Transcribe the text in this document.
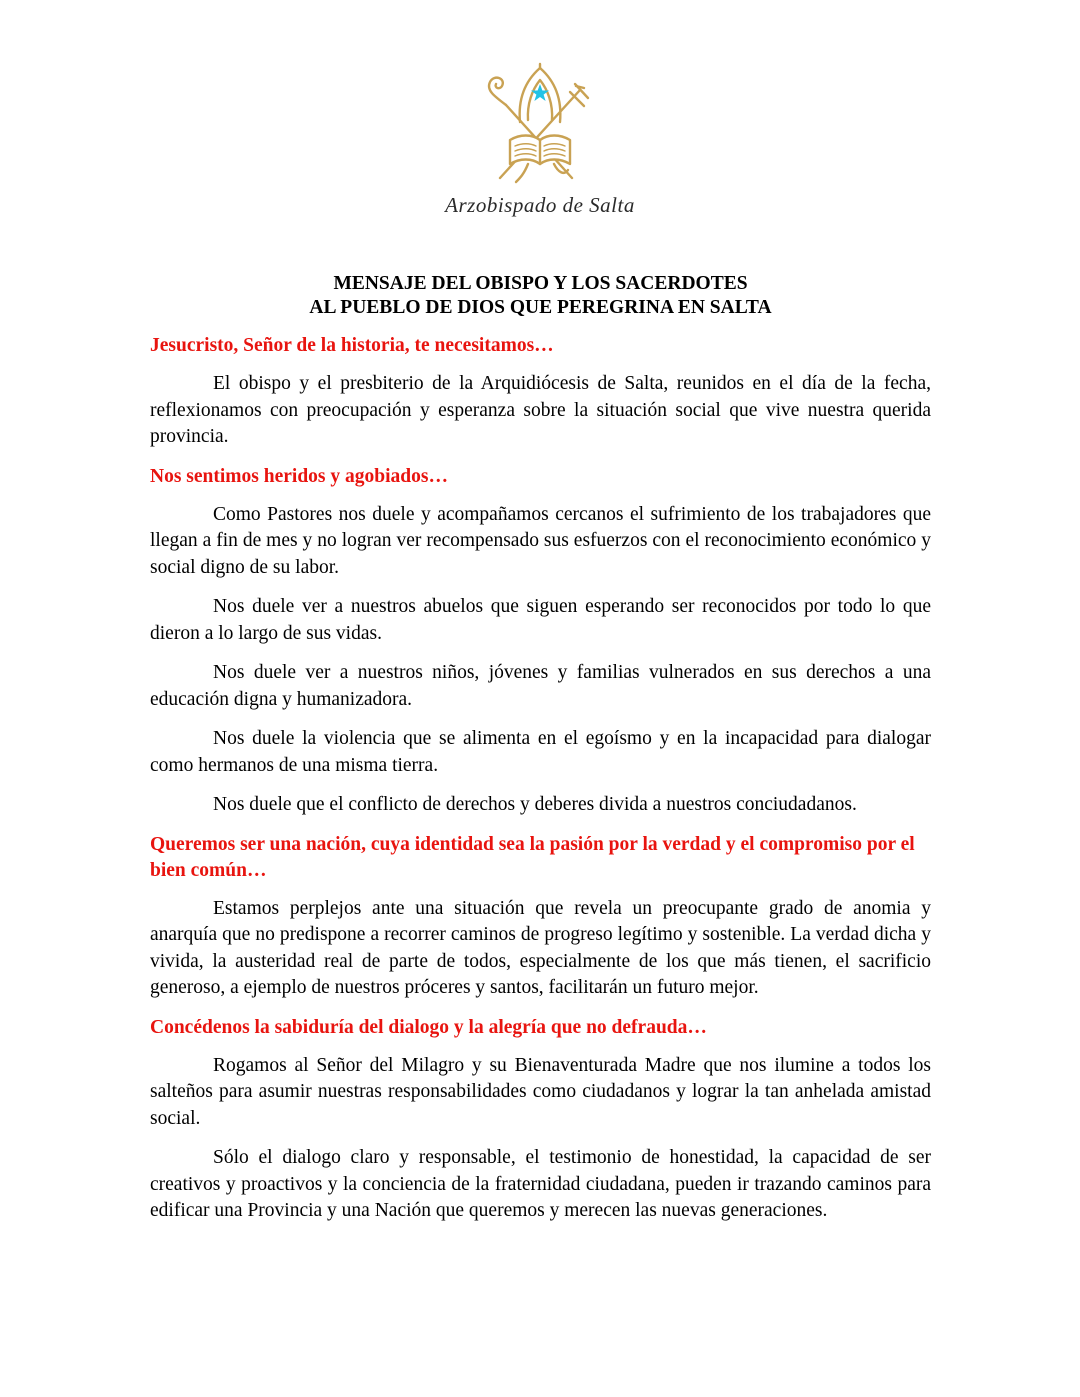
Arzobispado de Salta
MENSAJE DEL OBISPO Y LOS SACERDOTES
AL PUEBLO DE DIOS QUE PEREGRINA EN SALTA
Jesucristo, Señor de la historia, te necesitamos…

El obispo y el presbiterio de la Arquidiócesis de Salta, reunidos en el día de la fecha, reflexionamos con preocupación y esperanza sobre la situación social que vive nuestra querida provincia.

Nos sentimos heridos y agobiados…

Como Pastores nos duele y acompañamos cercanos el sufrimiento de los trabajadores que llegan a fin de mes y no logran ver recompensado sus esfuerzos con el reconocimiento económico y social digno de su labor.

Nos duele ver a nuestros abuelos que siguen esperando ser reconocidos por todo lo que dieron a lo largo de sus vidas.

Nos duele ver a nuestros niños, jóvenes y familias vulnerados en sus derechos a una educación digna y humanizadora.

Nos duele la violencia que se alimenta en el egoísmo y en la incapacidad para dialogar como hermanos de una misma tierra.

Nos duele que el conflicto de derechos y deberes divida a nuestros conciudadanos.

Queremos ser una nación, cuya identidad sea la pasión por la verdad y el compromiso por el bien común…

Estamos perplejos ante una situación que revela un preocupante grado de anomia y anarquía que no predispone a recorrer caminos de progreso legítimo y sostenible. La verdad dicha y vivida, la austeridad real de parte de todos, especialmente de los que más tienen, el sacrificio generoso, a ejemplo de nuestros próceres y santos, facilitarán un futuro mejor.

Concédenos la sabiduría del dialogo y la alegría que no defrauda…

Rogamos al Señor del Milagro y su Bienaventurada Madre que nos ilumine a todos los salteños para asumir nuestras responsabilidades como ciudadanos y lograr la tan anhelada amistad social.

Sólo el dialogo claro y responsable, el testimonio de honestidad, la capacidad de ser creativos y proactivos y la conciencia de la fraternidad ciudadana, pueden ir trazando caminos para edificar una Provincia y una Nación que queremos y merecen las nuevas generaciones.
